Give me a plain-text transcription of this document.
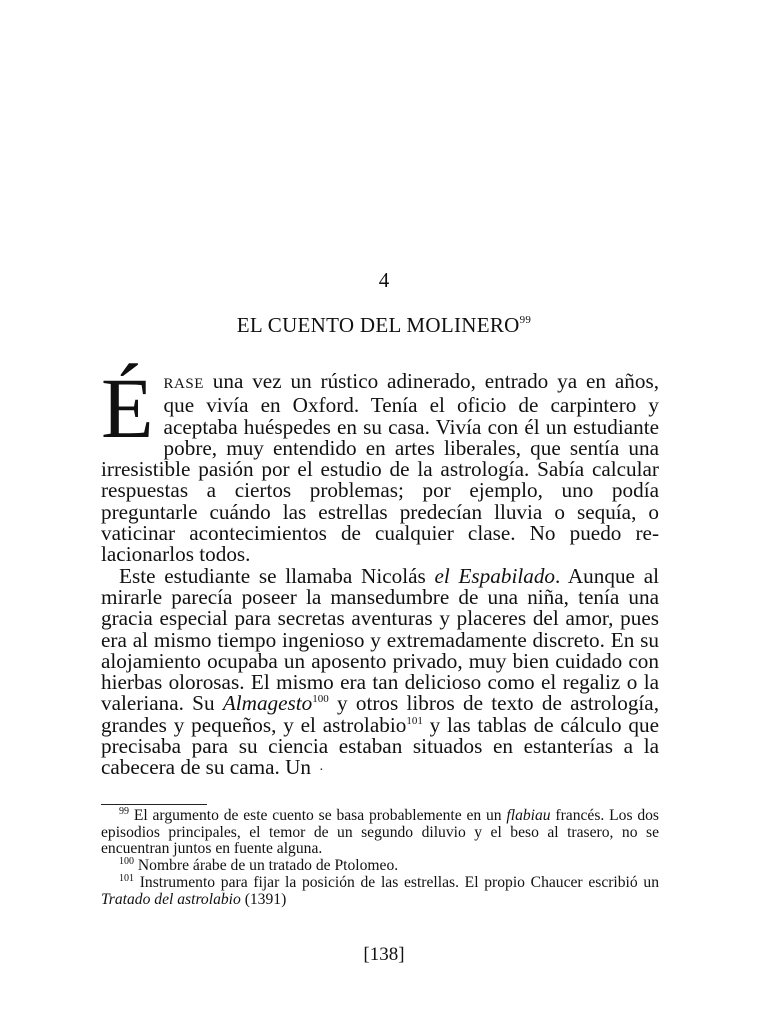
4
EL CUENTO DEL MOLINERO$^{99}$

ÉRASE una vez un rústico adinerado, entrado ya en años, que vivía en Oxford. Tenía el oficio de carpintero y aceptaba huéspedes en su casa. Vivía con él un estudiante pobre, muy entendido en artes liberales, que sentía una irresistible pasión por el estudio de la astrología. Sabía calcular respuestas a ciertos problemas; por ejemplo, uno podía preguntarle cuándo las estrellas predecían lluvia o sequía, o vaticinar acontecimientos de cualquier clase. No puedo relacionarlos todos.

Este estudiante se llamaba Nicolás el Espabilado. Aunque al mirarle parecía poseer la mansedumbre de una niña, tenía una gracia especial para secretas aventuras y placeres del amor, pues era al mismo tiempo ingenioso y extremadamente discreto. En su alojamiento ocupaba un aposento privado, muy bien cuidado con hierbas olorosas. El mismo era tan delicioso como el regaliz o la valeriana. Su Almagesto$^{100}$ y otros libros de texto de astrología, grandes y pequeños, y el astrolabio$^{101}$ y las tablas de cálculo que precisaba para su ciencia estaban situados en estanterías a la cabecera de su cama. Un ·

$^{99}$ El argumento de este cuento se basa probablemente en un flabiau francés. Los dos episodios principales, el temor de un segundo diluvio y el beso al trasero, no se encuentran juntos en fuente alguna.

$^{100}$ Nombre árabe de un tratado de Ptolomeo.

$^{101}$ Instrumento para fijar la posición de las estrellas. El propio Chaucer escribió un Tratado del astrolabio (1391)

[138]
